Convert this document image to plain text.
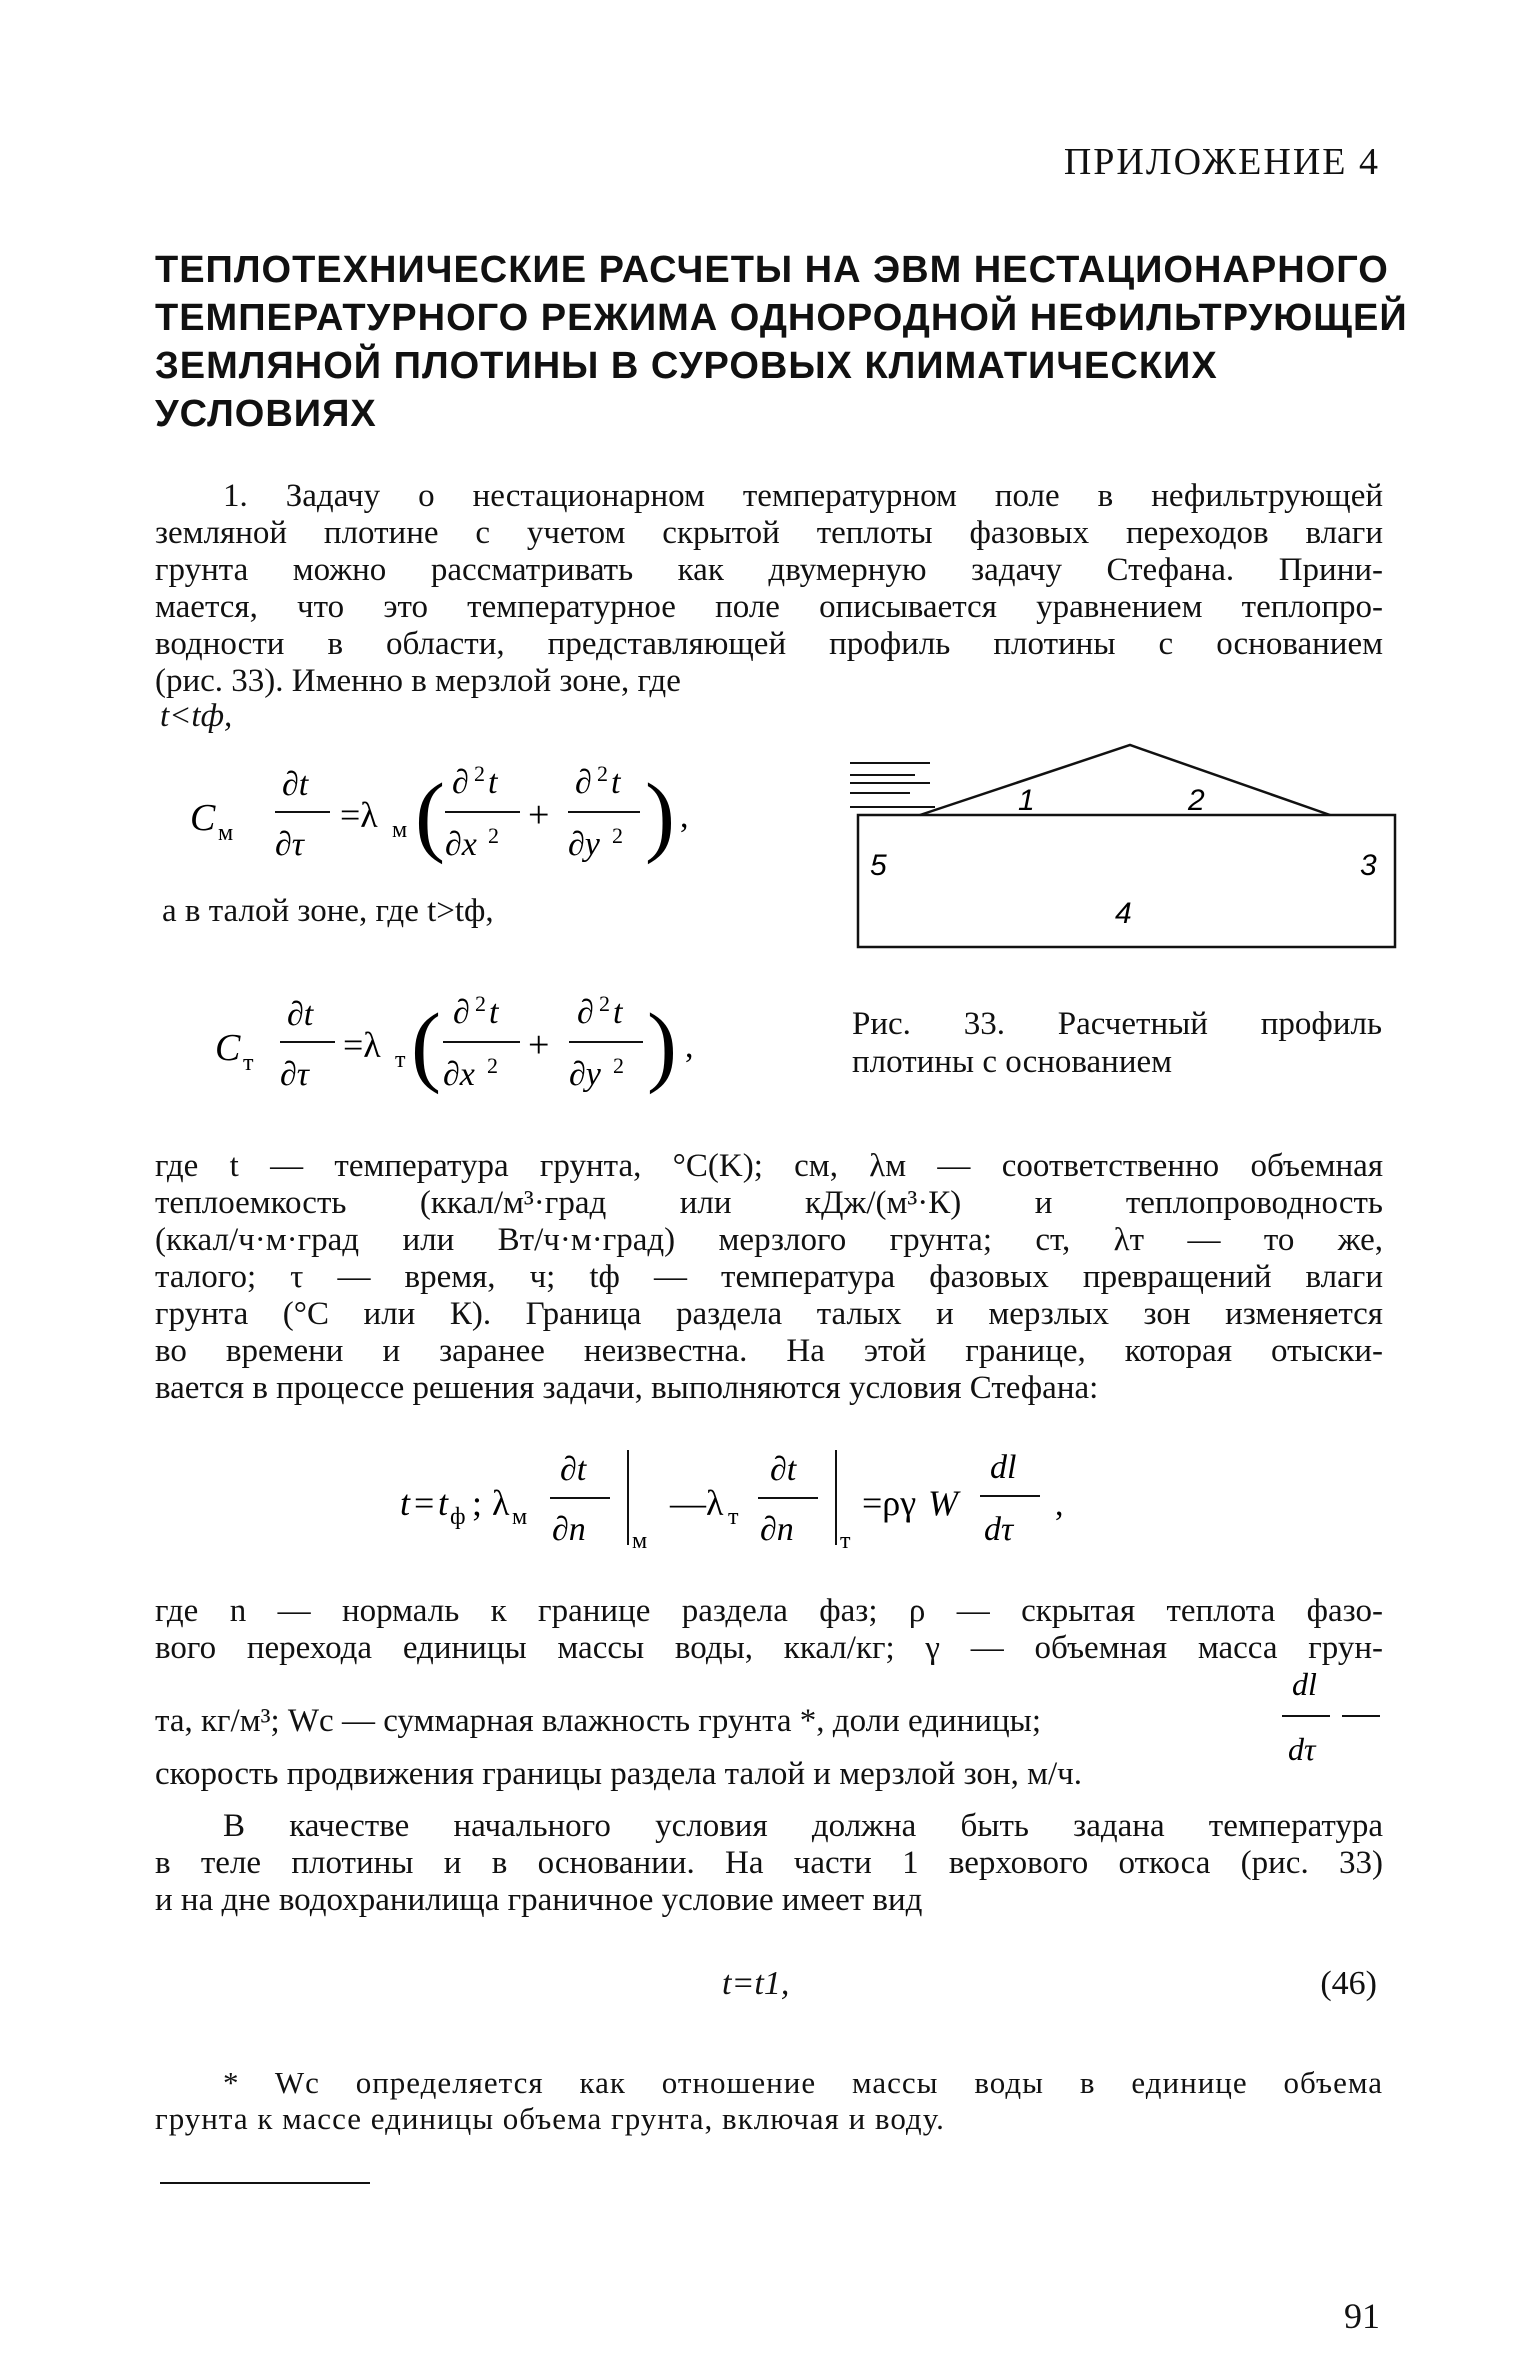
ПРИЛОЖЕНИЕ 4
ТЕПЛОТЕХНИЧЕСКИЕ РАСЧЕТЫ НА ЭВМ НЕСТАЦИОНАРНОГО
ТЕМПЕРАТУРНОГО РЕЖИМА ОДНОРОДНОЙ НЕФИЛЬТРУЮЩЕЙ
ЗЕМЛЯНОЙ ПЛОТИНЫ В СУРОВЫХ КЛИМАТИЧЕСКИХ
УСЛОВИЯХ
1. Задачу о нестационарном температурном поле в нефильтрующей
земляной плотине с учетом скрытой теплоты фазовых переходов влаги
грунта можно рассматривать как двумерную задачу Стефана. Прини-
мается, что это температурное поле описывается уравнением теплопро-
водности в области, представляющей профиль плотины с основанием
(рис. 33). Именно в мерзлой зоне, где
t<tф,
C м
∂t
∂τ
=λ м ( ∂ 2 t
∂x 2 +
∂ 2 t
∂y 2 ) ,
а в талой зоне, где t>tф,
C т
∂t
∂τ
=λ т ( ∂ 2 t
∂x 2 +
∂ 2 t
∂y 2 ) ,
1	2
3
4
5
Рис. 33. Расчетный профиль
плотины с основанием
где t — температура грунта, °C(K); cм, λм — соответственно объемная
теплоемкость (ккал/м³·град или кДж/(м³·К) и теплопроводность
(ккал/ч·м·град или Вт/ч·м·град) мерзлого грунта; cт, λт — то же,
талого; τ — время, ч; tф — температура фазовых превращений влаги
грунта (°С или К). Граница раздела талых и мерзлых зон изменяется
во времени и заранее неизвестна. На этой границе, которая отыски-
вается в процессе решения задачи, выполняются условия Стефана:
t = t ф ; λ м
∂t
∂n м
—λ т
∂t
∂n т
=ργ W
dl
dτ
,
где n — нормаль к границе раздела фаз; ρ — скрытая теплота фазо-
вого перехода единицы массы воды, ккал/кг; γ — объемная масса грун-
та, кг/м³; Wc — суммарная влажность грунта *, доли единицы;
скорость продвижения границы раздела талой и мерзлой зон, м/ч.
dl
dτ
В качестве начального условия должна быть задана температура
в теле плотины и в основании. На части 1 верхового откоса (рис. 33)
и на дне водохранилища граничное условие имеет вид
t=t1,	(46)
* Wc определяется как отношение массы воды в единице объема
грунта к массе единицы объема грунта, включая и воду.
91
